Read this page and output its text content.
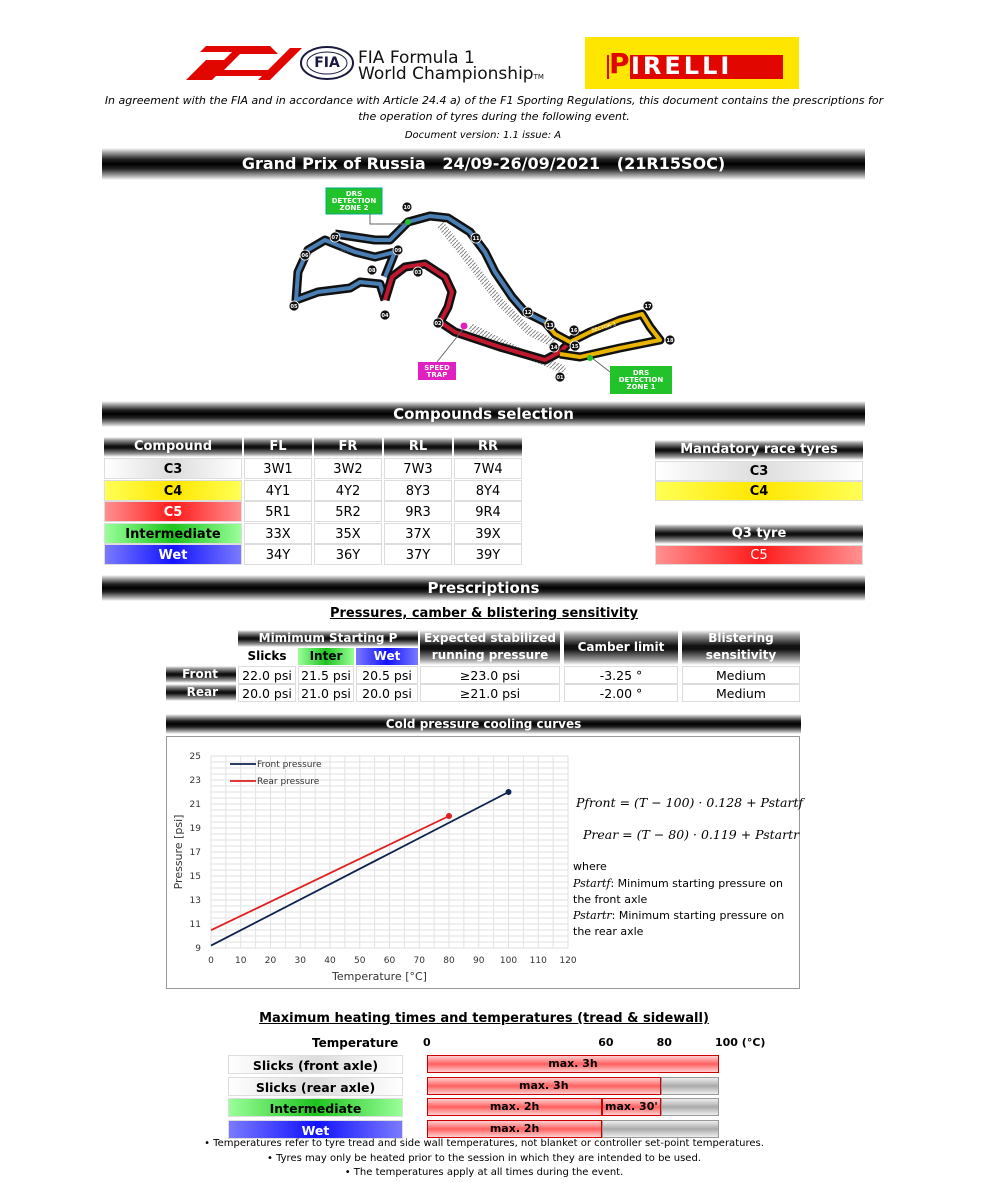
FIA	FIA Formula 1
World ChampionshipTM P IRELLI
In agreement with the FIA and in accordance with Article 24.4 a) of the F1 Sporting Regulations, this document contains the prescriptions for
the operation of tyres during the following event.
Document version: 1.1 issue: A
Grand Prix of Russia   24/09-26/09/2021   (21R15SOC)
DRS
DETECTION
ZONE 2
SPEED
TRAP	DRS
DETECTION
ZONE 1
SECTOR 2
SECTOR 3
01
02
03
04
05
06
07
08
09
10
11
12
13
14	15
16
17
18
Compounds selection
Compound	FL	FR	RL	RR
C3	3W1	3W2	7W3	7W4
C4	4Y1	4Y2	8Y3	8Y4
C5	5R1	5R2	9R3	9R4
Intermediate	33X	35X	37X	39X
Wet	34Y	36Y	37Y	39Y
Mandatory race tyres
C3
C4
Q3 tyre
C5
Prescriptions
Pressures, camber & blistering sensitivity
Mimimum Starting P
Slicks	Inter	Wet
Expected stabilized
running pressure
Camber limit
Blistering
sensitivity
Front	22.0 psi 21.5 psi 20.5 psi	≥23.0 psi	-3.25 °	Medium
Rear	20.0 psi 21.0 psi 20.0 psi	≥21.0 psi	-2.00 °	Medium
Cold pressure cooling curves
0 10 20 30 40 50 60 70 80 90 100 110 120
9
11
13
15
17
19
21
23
25
Temperature [°C]
Pressure [psi]
Front pressure
Rear pressure
Pfront = (T − 100) · 0.128 + Pstartf
Prear = (T − 80) · 0.119 + Pstartr
where
Pstartf: Minimum starting pressure on
the front axle
Pstartr: Minimum starting pressure on
the rear axle
Maximum heating times and temperatures (tread & sidewall)
Temperature 0	60	80	100 (°C)
Slicks (front axle)	max. 3h
Slicks (rear axle)	max. 3h
Intermediate	max. 2h	max. 30'
Wet	max. 2h
• Temperatures refer to tyre tread and side wall temperatures, not blanket or controller set-point temperatures.
• Tyres may only be heated prior to the session in which they are intended to be used.
• The temperatures apply at all times during the event.
